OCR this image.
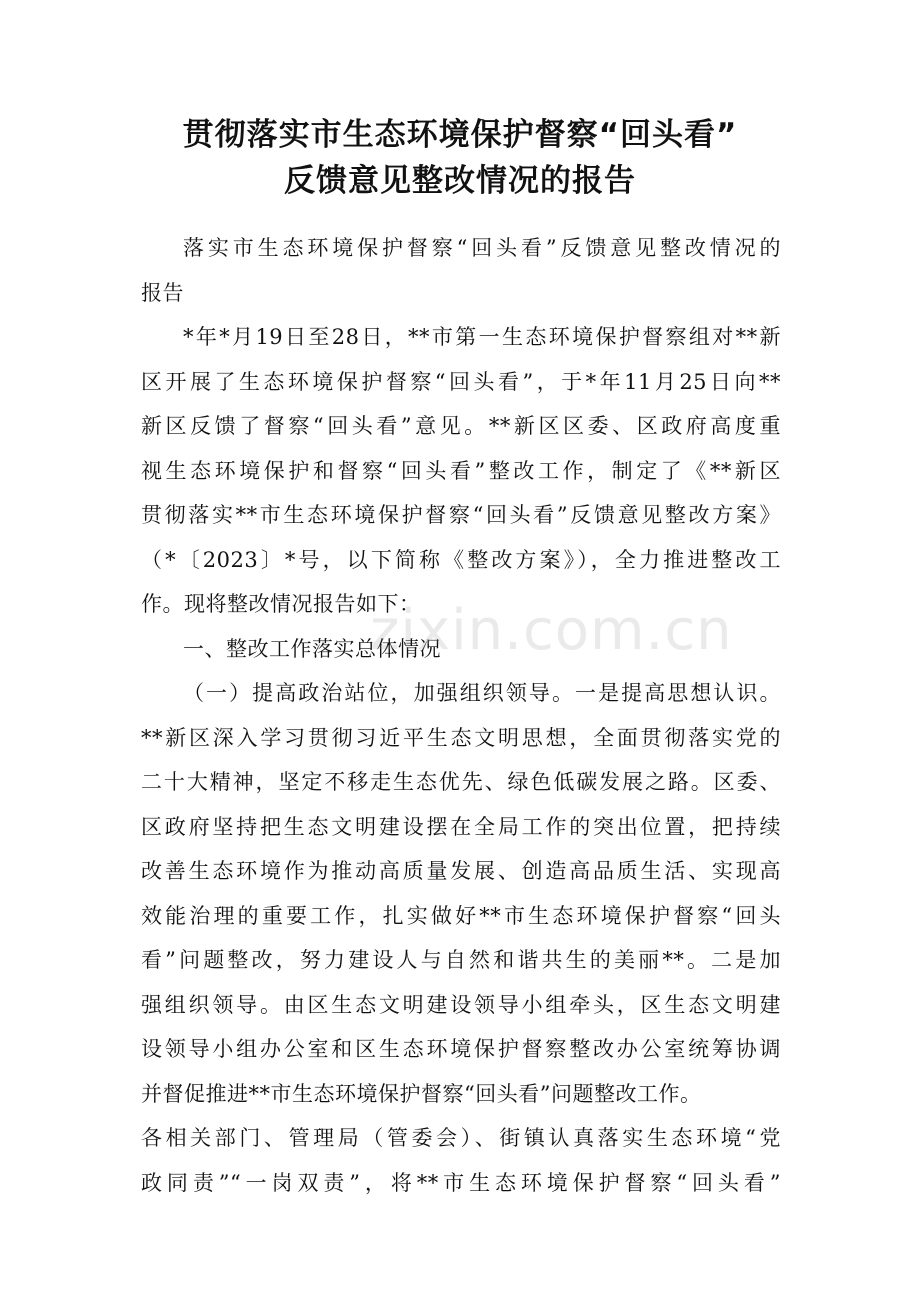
贯彻落实市生态环境保护督察“回头看”
反馈意见整改情况的报告
落实市生态环境保护督察“回头看”反馈意见整改情况的
报告
*年*月19日至28日，**市第一生态环境保护督察组对**新
区开展了生态环境保护督察“回头看”，于*年11月25日向**
新区反馈了督察“回头看”意见。**新区区委、区政府高度重
视生态环境保护和督察“回头看”整改工作，制定了《**新区
贯彻落实**市生态环境保护督察“回头看”反馈意见整改方案》
（*〔2023〕*号，以下简称《整改方案》），全力推进整改工
作。现将整改情况报告如下：
一、整改工作落实总体情况
（一）提高政治站位，加强组织领导。一是提高思想认识。
**新区深入学习贯彻习近平生态文明思想，全面贯彻落实党的
二十大精神，坚定不移走生态优先、绿色低碳发展之路。区委、
区政府坚持把生态文明建设摆在全局工作的突出位置，把持续
改善生态环境作为推动高质量发展、创造高品质生活、实现高
效能治理的重要工作，扎实做好**市生态环境保护督察“回头
看”问题整改，努力建设人与自然和谐共生的美丽**。二是加
强组织领导。由区生态文明建设领导小组牵头，区生态文明建
设领导小组办公室和区生态环境保护督察整改办公室统筹协调
并督促推进**市生态环境保护督察“回头看”问题整改工作。
各相关部门、管理局（管委会）、街镇认真落实生态环境“党
政同责”“一岗双责”，将**市生态环境保护督察“回头看”
zixin.com.cn
